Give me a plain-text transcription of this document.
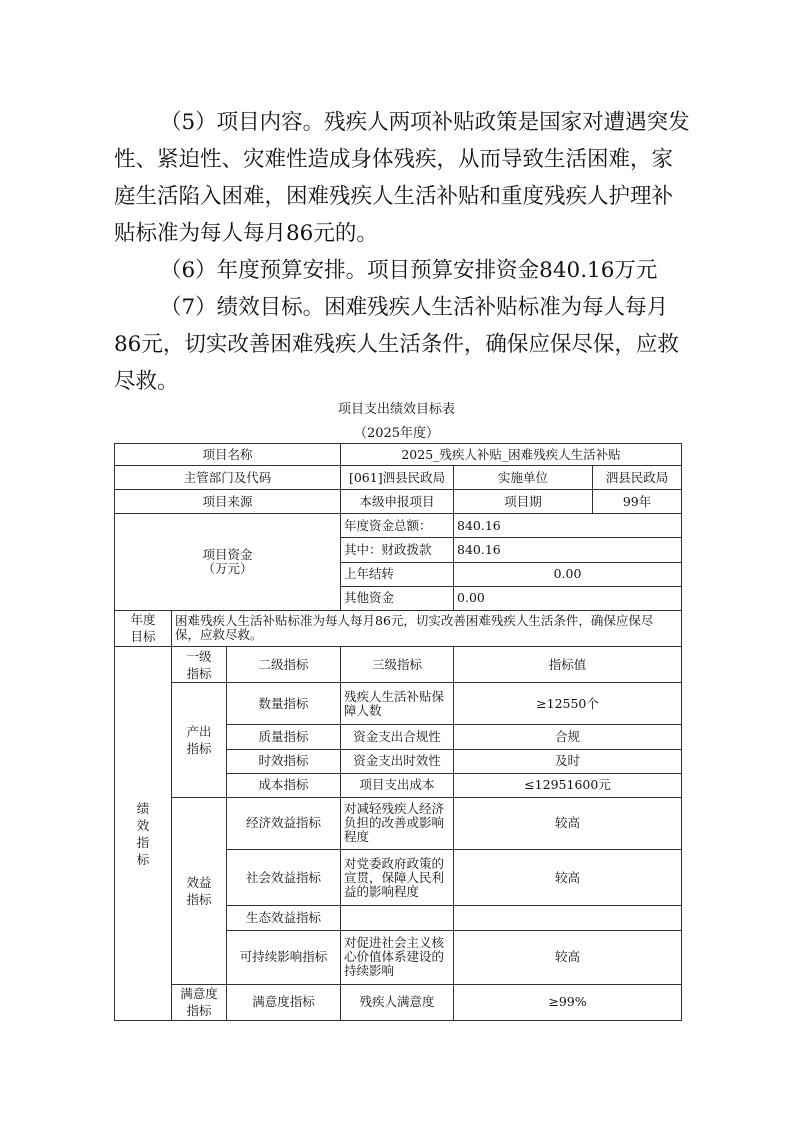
（5）项目内容。残疾人两项补贴政策是国家对遭遇突发性、紧迫性、灾难性造成身体残疾，从而导致生活困难，家庭生活陷入困难，困难残疾人生活补贴和重度残疾人护理补贴标准为每人每月86元的。

（6）年度预算安排。项目预算安排资金840.16万元

（7）绩效目标。困难残疾人生活补贴标准为每人每月86元，切实改善困难残疾人生活条件，确保应保尽保，应救尽救。

项目支出绩效目标表
（2025年度）
项目名称			2025_残疾人补贴_困难残疾人生活补贴		
主管部门及代码			[061]泗县民政局	实施单位	泗县民政局
项目来源			本级申报项目	项目期	99年

项目资金
（万元）			年度资金总额：	840.16	
			其中：财政拨款	840.16	
			上年结转	0.00	
			其他资金	0.00	
年度目标	困难残疾人生活补贴标准为每人每月86元，切实改善困难残疾人生活条件，确保应保尽保，应救尽救。				
绩效指标	一级指标	二级指标	三级指标	指标值	
	产出指标	数量指标	残疾人生活补贴保障人数	≥12550个	
		质量指标	资金支出合规性	合规	
		时效指标	资金支出时效性	及时	
		成本指标	项目支出成本	≤12951600元	
	效益指标	经济效益指标	对减轻残疾人经济负担的改善或影响程度	较高	
		社会效益指标	对党委政府政策的宣贯，保障人民利益的影响程度	较高	
		生态效益指标			
		可持续影响指标	对促进社会主义核心价值体系建设的持续影响	较高	
	满意度指标	满意度指标	残疾人满意度	≥99%	
